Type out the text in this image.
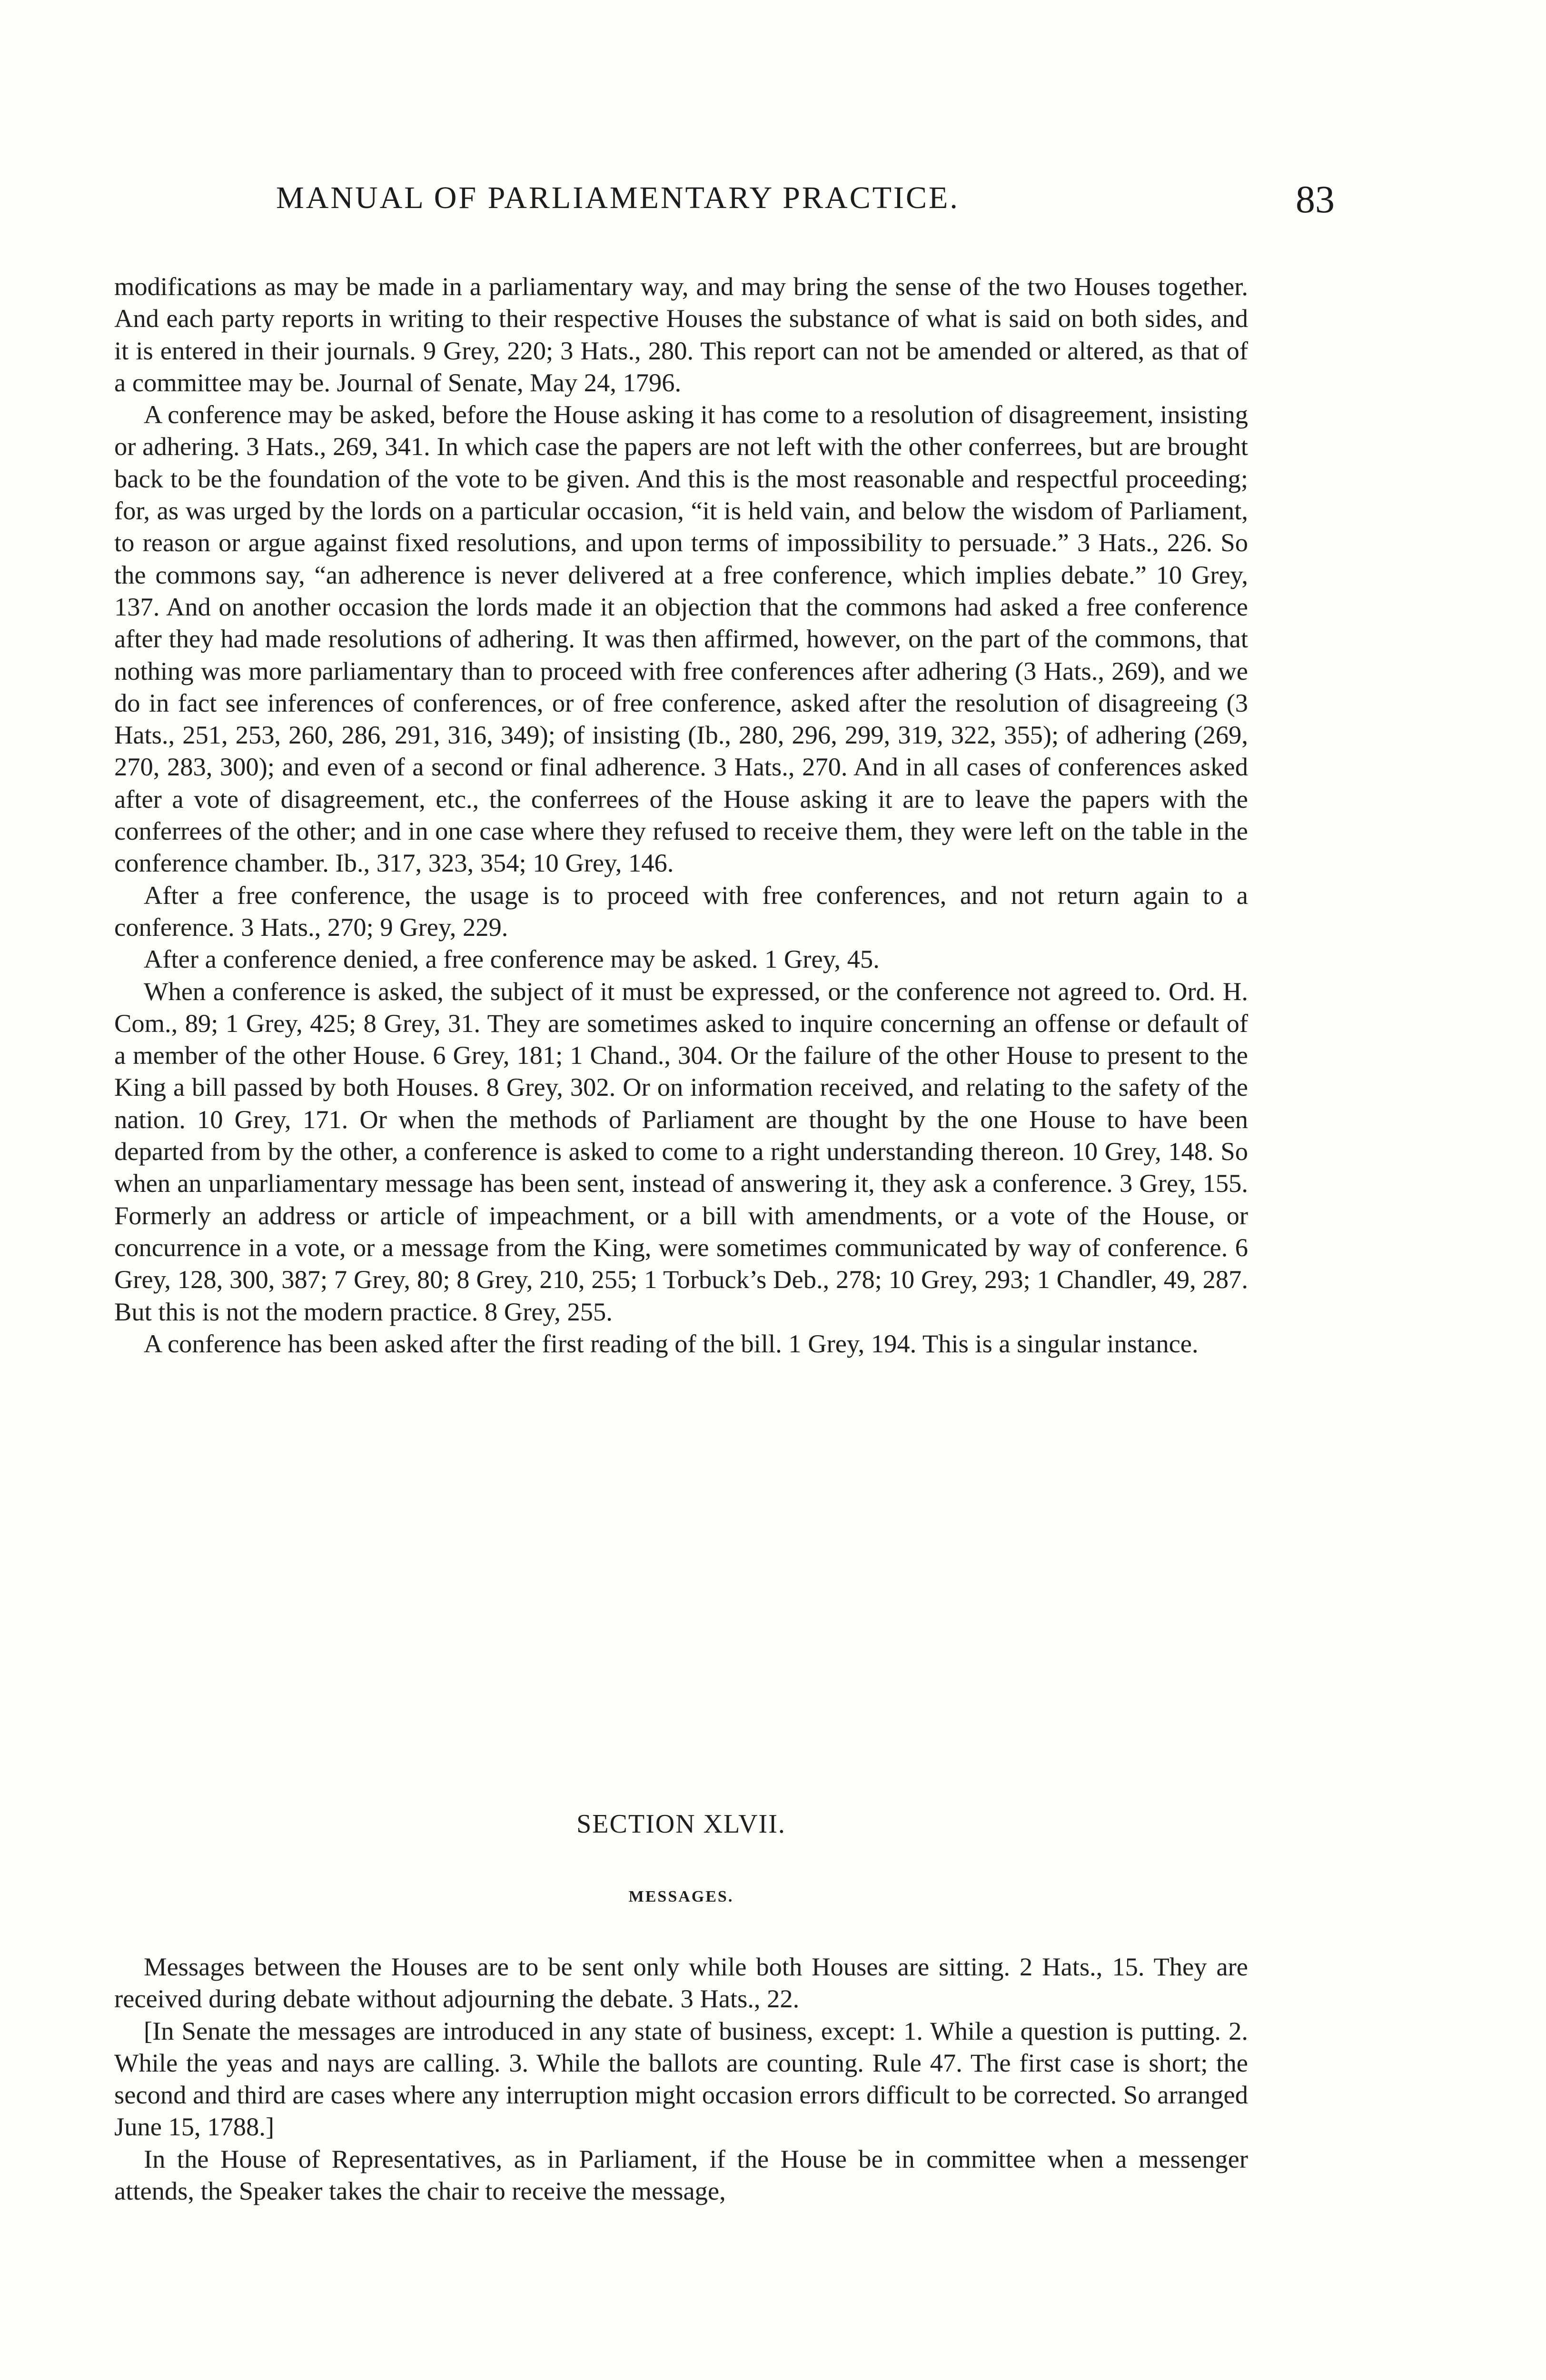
MANUAL OF PARLIAMENTARY PRACTICE.	83

modifications as may be made in a parliamentary way, and may bring the sense of the two Houses together. And each party reports in writing to their respective Houses the substance of what is said on both sides, and it is entered in their journals. 9 Grey, 220; 3 Hats., 280. This report can not be amended or altered, as that of a committee may be. Journal of Senate, May 24, 1796.

A conference may be asked, before the House asking it has come to a resolution of disagreement, insisting or adhering. 3 Hats., 269, 341. In which case the papers are not left with the other conferrees, but are brought back to be the foundation of the vote to be given. And this is the most reasonable and respectful proceeding; for, as was urged by the lords on a particular occasion, “it is held vain, and below the wisdom of Parliament, to reason or argue against fixed resolutions, and upon terms of impossibility to persuade.” 3 Hats., 226. So the commons say, “an adherence is never delivered at a free conference, which implies debate.” 10 Grey, 137. And on another occasion the lords made it an objection that the commons had asked a free conference after they had made resolutions of adhering. It was then affirmed, however, on the part of the commons, that nothing was more parliamentary than to proceed with free conferences after adhering (3 Hats., 269), and we do in fact see inferences of conferences, or of free conference, asked after the resolution of disagreeing (3 Hats., 251, 253, 260, 286, 291, 316, 349); of insisting (Ib., 280, 296, 299, 319, 322, 355); of adhering (269, 270, 283, 300); and even of a second or final adherence. 3 Hats., 270. And in all cases of conferences asked after a vote of disagreement, etc., the conferrees of the House asking it are to leave the papers with the conferrees of the other; and in one case where they refused to receive them, they were left on the table in the conference chamber. Ib., 317, 323, 354; 10 Grey, 146.

After a free conference, the usage is to proceed with free conferences, and not return again to a conference. 3 Hats., 270; 9 Grey, 229.

After a conference denied, a free conference may be asked. 1 Grey, 45.

When a conference is asked, the subject of it must be expressed, or the conference not agreed to. Ord. H. Com., 89; 1 Grey, 425; 8 Grey, 31. They are sometimes asked to inquire concerning an offense or default of a member of the other House. 6 Grey, 181; 1 Chand., 304. Or the failure of the other House to present to the King a bill passed by both Houses. 8 Grey, 302. Or on information received, and relating to the safety of the nation. 10 Grey, 171. Or when the methods of Parliament are thought by the one House to have been departed from by the other, a conference is asked to come to a right understanding thereon. 10 Grey, 148. So when an unparliamentary message has been sent, instead of answering it, they ask a conference. 3 Grey, 155. Formerly an address or article of impeachment, or a bill with amendments, or a vote of the House, or concurrence in a vote, or a message from the King, were sometimes communicated by way of conference. 6 Grey, 128, 300, 387; 7 Grey, 80; 8 Grey, 210, 255; 1 Torbuck’s Deb., 278; 10 Grey, 293; 1 Chandler, 49, 287. But this is not the modern practice. 8 Grey, 255.

A conference has been asked after the first reading of the bill. 1 Grey, 194. This is a singular instance.

SECTION XLVII.
MESSAGES.

Messages between the Houses are to be sent only while both Houses are sitting. 2 Hats., 15. They are received during debate without adjourning the debate. 3 Hats., 22.

[In Senate the messages are introduced in any state of business, except: 1. While a question is putting. 2. While the yeas and nays are calling. 3. While the ballots are counting. Rule 47. The first case is short; the second and third are cases where any interruption might occasion errors difficult to be corrected. So arranged June 15, 1788.]

In the House of Representatives, as in Parliament, if the House be in committee when a messenger attends, the Speaker takes the chair to receive the message,
